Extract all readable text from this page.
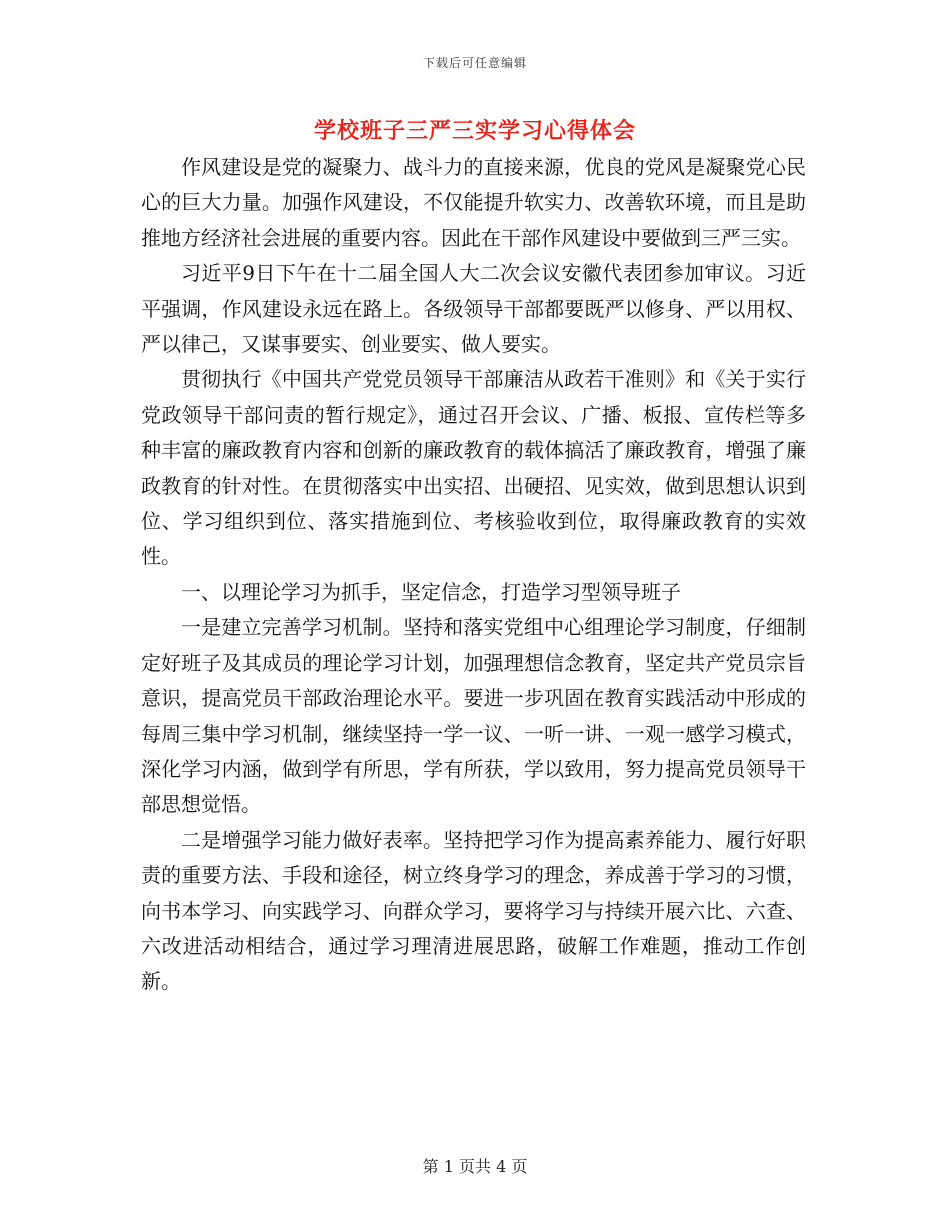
下载后可任意编辑
学校班子三严三实学习心得体会

作风建设是党的凝聚力、战斗力的直接来源，优良的党风是凝聚党心民心的巨大力量。加强作风建设，不仅能提升软实力、改善软环境，而且是助推地方经济社会进展的重要内容。因此在干部作风建设中要做到三严三实。

习近平9日下午在十二届全国人大二次会议安徽代表团参加审议。习近平强调，作风建设永远在路上。各级领导干部都要既严以修身、严以用权、严以律己，又谋事要实、创业要实、做人要实。

贯彻执行《中国共产党党员领导干部廉洁从政若干准则》和《关于实行党政领导干部问责的暂行规定》，通过召开会议、广播、板报、宣传栏等多种丰富的廉政教育内容和创新的廉政教育的载体搞活了廉政教育，增强了廉政教育的针对性。在贯彻落实中出实招、出硬招、见实效，做到思想认识到位、学习组织到位、落实措施到位、考核验收到位，取得廉政教育的实效性。

一、以理论学习为抓手，坚定信念，打造学习型领导班子

一是建立完善学习机制。坚持和落实党组中心组理论学习制度，仔细制定好班子及其成员的理论学习计划，加强理想信念教育，坚定共产党员宗旨意识，提高党员干部政治理论水平。要进一步巩固在教育实践活动中形成的每周三集中学习机制，继续坚持一学一议、一听一讲、一观一感学习模式，深化学习内涵，做到学有所思，学有所获，学以致用，努力提高党员领导干部思想觉悟。

二是增强学习能力做好表率。坚持把学习作为提高素养能力、履行好职责的重要方法、手段和途径，树立终身学习的理念，养成善于学习的习惯，向书本学习、向实践学习、向群众学习，要将学习与持续开展六比、六查、六改进活动相结合，通过学习理清进展思路，破解工作难题，推动工作创新。

第 1 页共 4 页
